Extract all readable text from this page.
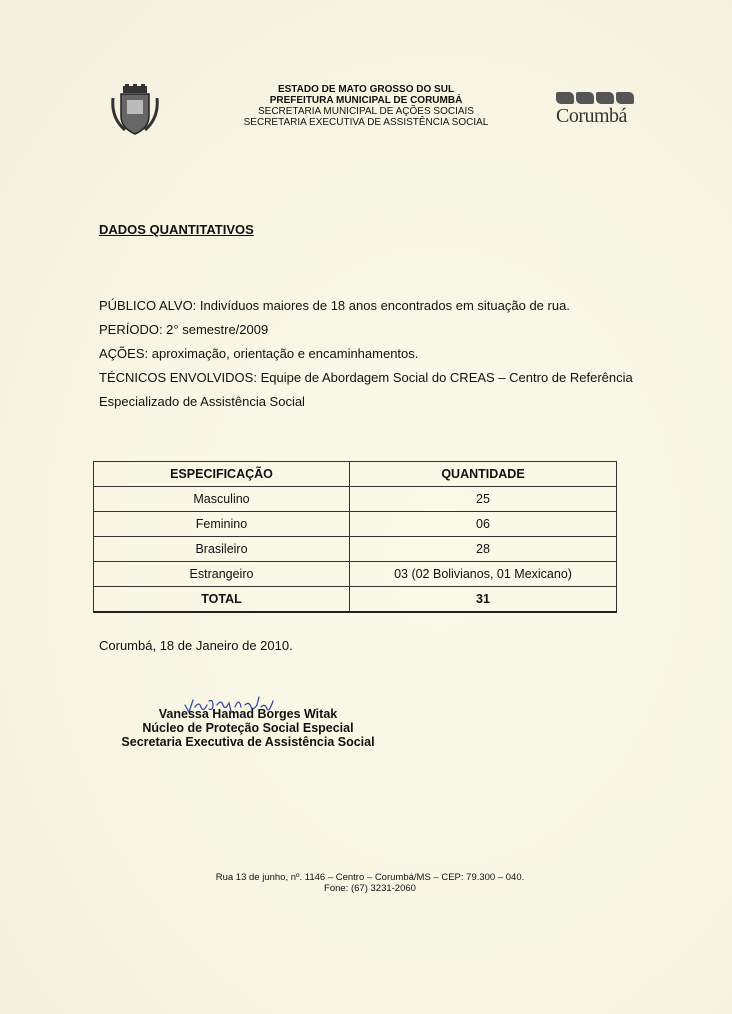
ESTADO DE MATO GROSSO DO SUL
PREFEITURA MUNICIPAL DE CORUMBÁ
SECRETARIA MUNICIPAL DE AÇÕES SOCIAIS
SECRETARIA EXECUTIVA DE ASSISTÊNCIA SOCIAL	Corumbá
DADOS QUANTITATIVOS

PÚBLICO ALVO: Indivíduos maiores de 18 anos encontrados em situação de rua.

PERÍODO: 2° semestre/2009

AÇÕES: aproximação, orientação e encaminhamentos.

TÉCNICOS ENVOLVIDOS: Equipe de Abordagem Social do CREAS – Centro de Referência Especializado de Assistência Social

ESPECIFICAÇÃO	QUANTIDADE
Masculino	25
Feminino	06
Brasileiro	28
Estrangeiro	03 (02 Bolivianos, 01 Mexicano)
TOTAL	31
Corumbá, 18 de Janeiro de 2010.
Vanessa Hamad Borges Witak
Núcleo de Proteção Social Especial
Secretaria Executiva de Assistência Social
Rua 13 de junho, nº. 1146 – Centro – Corumbá/MS – CEP: 79.300 – 040.
Fone: (67) 3231-2060
